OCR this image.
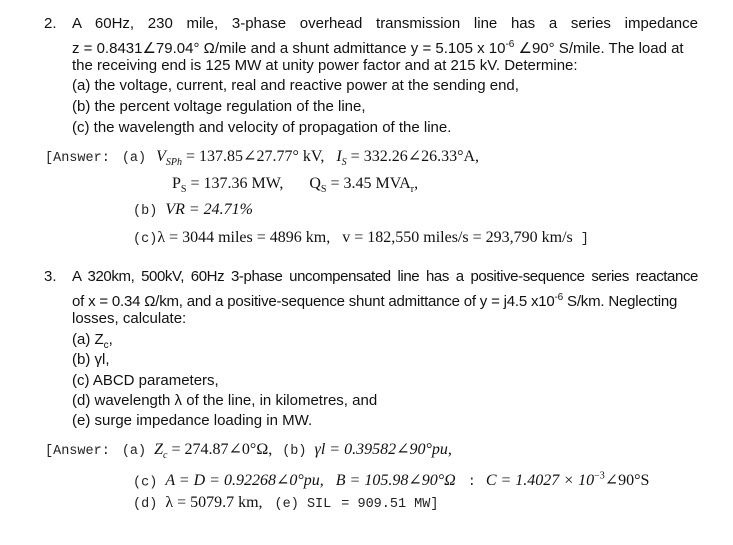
2. A 60Hz, 230 mile, 3-phase overhead transmission line has a series impedance
z = 0.8431∠79.04° Ω/mile and a shunt admittance y = 5.105 x $10^{-6}$ ∠90° S/mile. The load at
the receiving end is 125 MW at unity power factor and at 215 kV. Determine:
(a) the voltage, current, real and reactive power at the sending end,
(b) the percent voltage regulation of the line,
(c) the wavelength and velocity of propagation of the line.
[Answer: (a) $V_{SPh}$ = 137.85∠27.77° kV, $I_S$ = 332.26∠26.33°A,
$P_S = 137.36$ MW, $Q_S = 3.45$ $MVA_r$,
(b) VR = 24.71%
(c)λ = 3044 miles = 4896 km, v = 182,550 miles/s = 293,790 km/s ]
3. A 320km, 500kV, 60Hz 3-phase uncompensated line has a positive-sequence series reactance
of x = 0.34 Ω/km, and a positive-sequence shunt admittance of y = j4.5 $x10^{-6}$ S/km. Neglecting
losses, calculate:
(a) $Z_c$,
(b) γl,
(c) ABCD parameters,
(d) wavelength λ of the line, in kilometres, and
(e) surge impedance loading in MW.
[Answer: (a) $Z_c$ = 274.87∠0°Ω, (b) γl = 0.39582∠90°pu,
(c) A = D = 0.92268∠0°pu, B = 105.98∠90°Ω : $C = 1.4027 \times 10^{-3}\angle 90^\circ S$
(d) λ = 5079.7 km, (e) SIL = 909.51 MW]
